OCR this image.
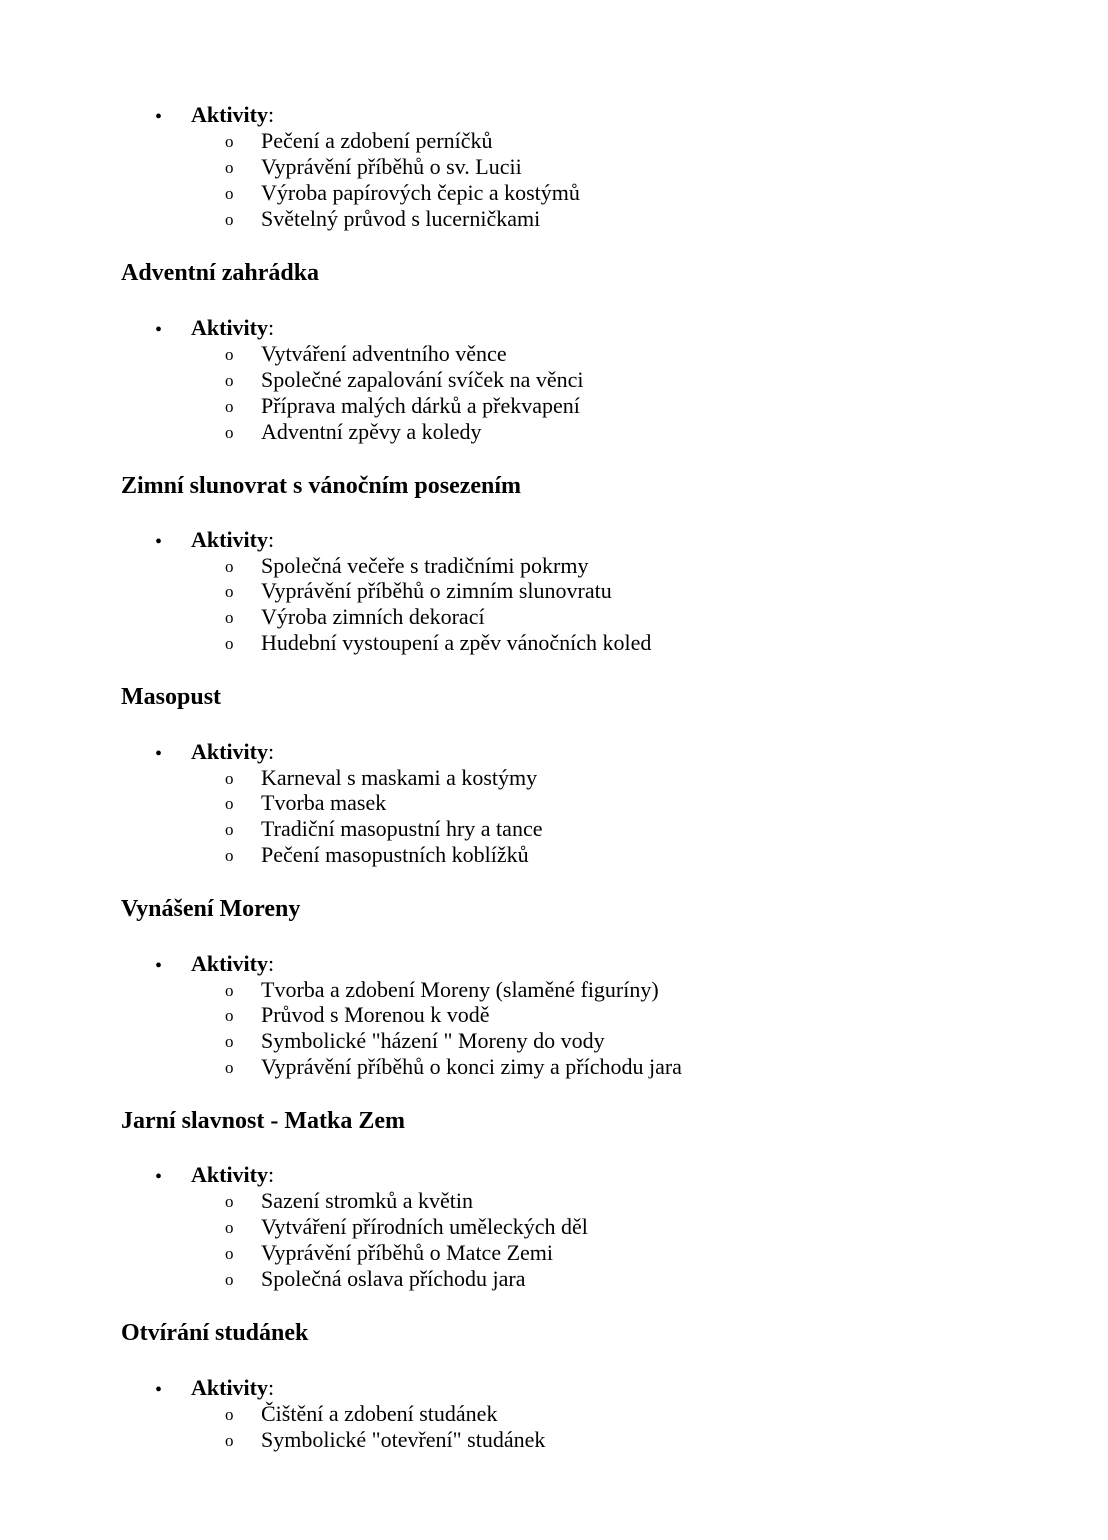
• Aktivity:
o Pečení a zdobení perníčků
o Vyprávění příběhů o sv. Lucii
o Výroba papírových čepic a kostýmů
o Světelný průvod s lucerničkami
Adventní zahrádka
• Aktivity:
o Vytváření adventního věnce
o Společné zapalování svíček na věnci
o Příprava malých dárků a překvapení
o Adventní zpěvy a koledy
Zimní slunovrat s vánočním posezením
• Aktivity:
o Společná večeře s tradičními pokrmy
o Vyprávění příběhů o zimním slunovratu
o Výroba zimních dekorací
o Hudební vystoupení a zpěv vánočních koled
Masopust
• Aktivity:
o Karneval s maskami a kostýmy
o Tvorba masek
o Tradiční masopustní hry a tance
o Pečení masopustních koblížků
Vynášení Moreny
• Aktivity:
o Tvorba a zdobení Moreny (slaměné figuríny)
o Průvod s Morenou k vodě
o Symbolické "házení " Moreny do vody
o Vyprávění příběhů o konci zimy a příchodu jara
Jarní slavnost - Matka Zem
• Aktivity:
o Sazení stromků a květin
o Vytváření přírodních uměleckých děl
o Vyprávění příběhů o Matce Zemi
o Společná oslava příchodu jara
Otvírání studánek
• Aktivity:
o Čištění a zdobení studánek
o Symbolické "otevření" studánek
